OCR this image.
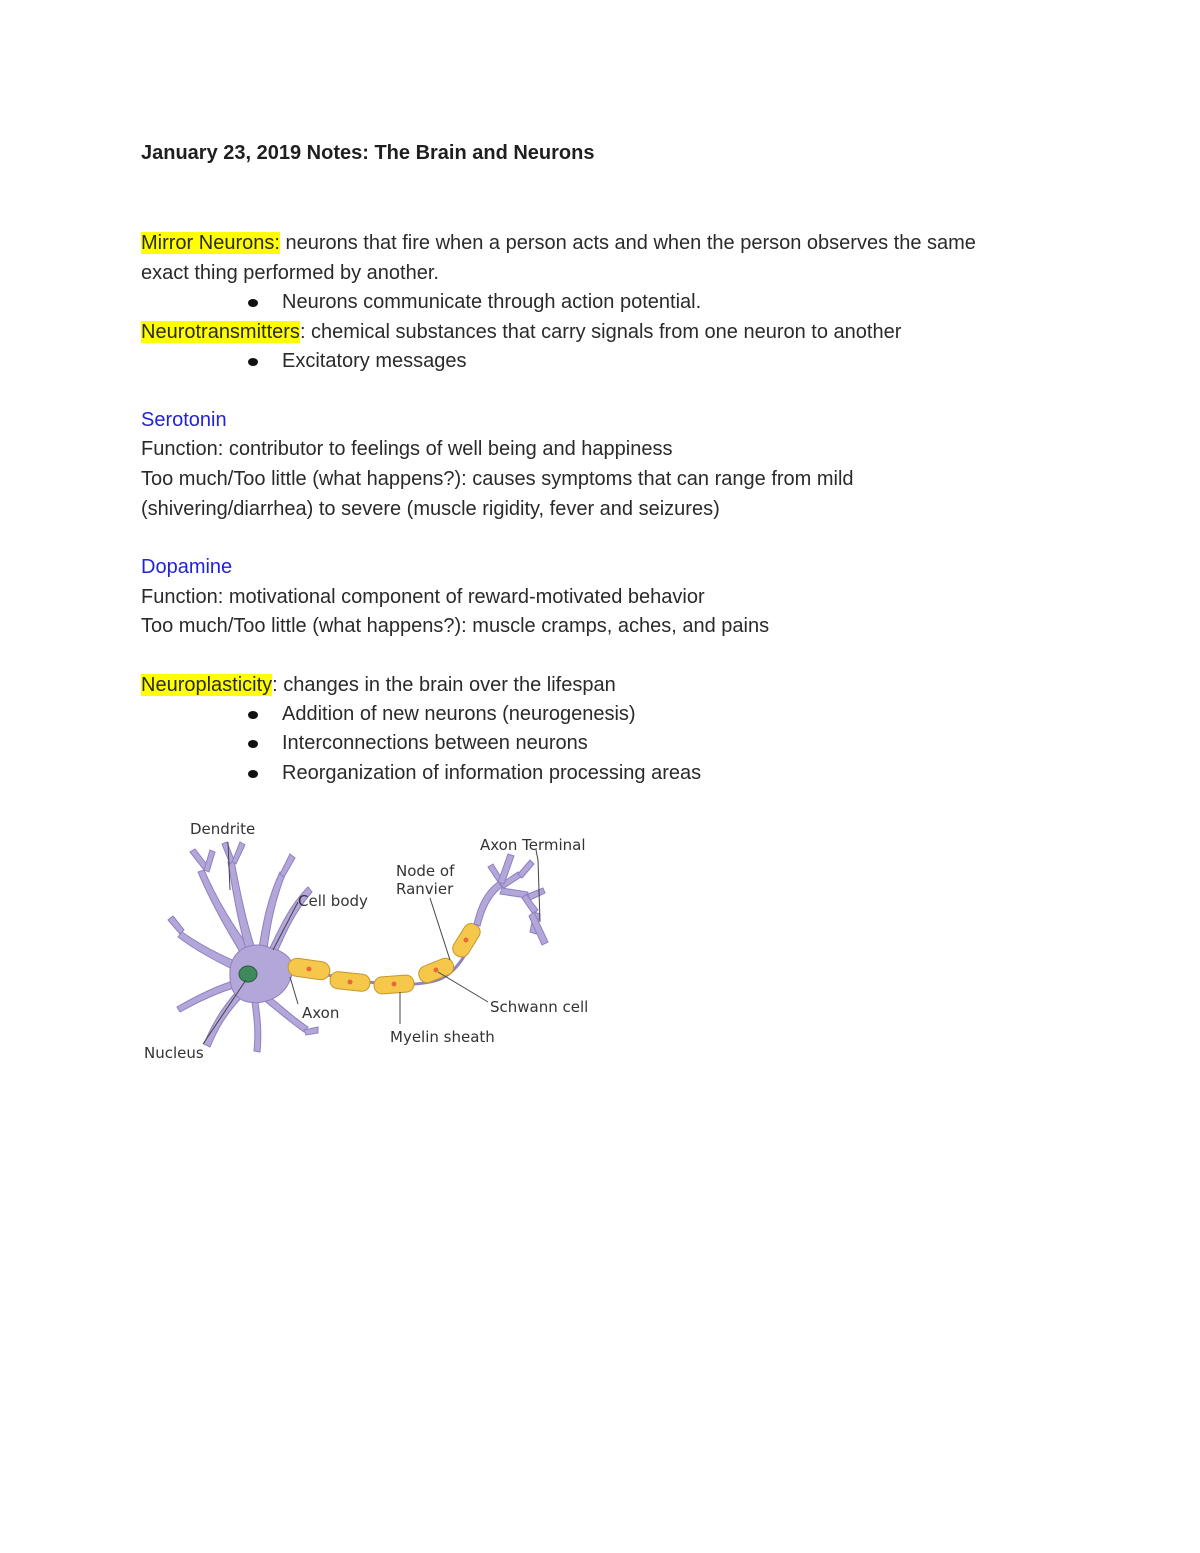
January 23, 2019 Notes: The Brain and Neurons
Mirror Neurons: neurons that fire when a person acts and when the person observes the same
exact thing performed by another.
Neurons communicate through action potential.
Neurotransmitters: chemical substances that carry signals from one neuron to another
Excitatory messages
Serotonin
Function: contributor to feelings of well being and happiness
Too much/Too little (what happens?): causes symptoms that can range from mild
(shivering/diarrhea) to severe (muscle rigidity, fever and seizures)
Dopamine
Function: motivational component of reward-motivated behavior
Too much/Too little (what happens?): muscle cramps, aches, and pains
Neuroplasticity: changes in the brain over the lifespan
Addition of new neurons (neurogenesis)
Interconnections between neurons
Reorganization of information processing areas
Dendrite
Cell body
Nucleus
Axon
Node of
Ranvier
Axon Terminal
Schwann cell
Myelin sheath
